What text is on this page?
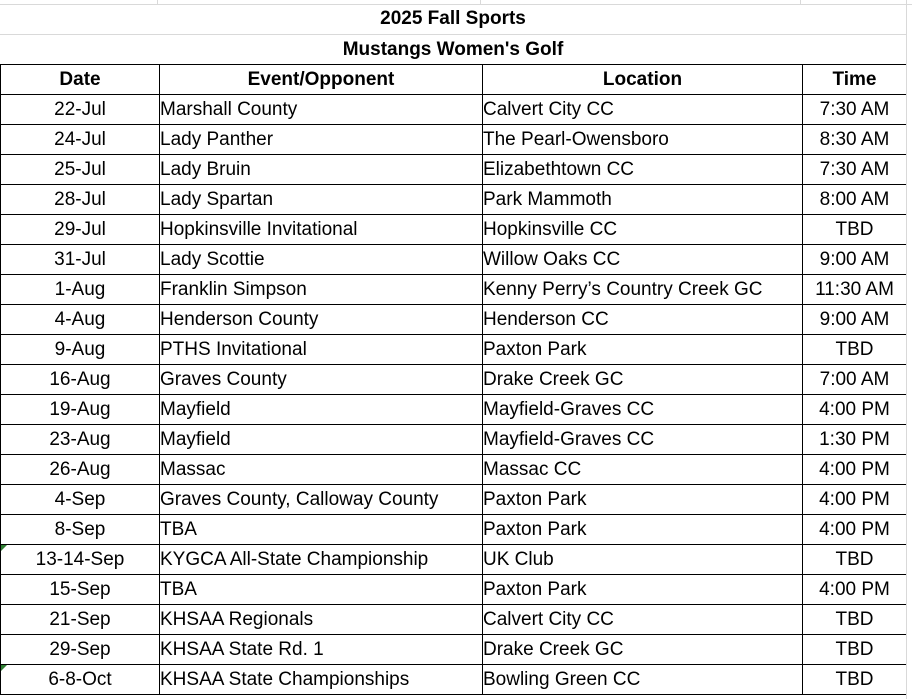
2025 Fall Sports
Mustangs Women's Golf
Date	Event/Opponent	Location	Time
22-Jul	Marshall County	Calvert City CC	7:30 AM
24-Jul	Lady Panther	The Pearl-Owensboro	8:30 AM
25-Jul	Lady Bruin	Elizabethtown CC	7:30 AM
28-Jul	Lady Spartan	Park Mammoth	8:00 AM
29-Jul	Hopkinsville Invitational	Hopkinsville CC	TBD
31-Jul	Lady Scottie	Willow Oaks CC	9:00 AM
1-Aug	Franklin Simpson	Kenny Perry’s Country Creek GC	11:30 AM
4-Aug	Henderson County	Henderson CC	9:00 AM
9-Aug	PTHS Invitational	Paxton Park	TBD
16-Aug	Graves County	Drake Creek GC	7:00 AM
19-Aug	Mayfield	Mayfield-Graves CC	4:00 PM
23-Aug	Mayfield	Mayfield-Graves CC	1:30 PM
26-Aug	Massac	Massac CC	4:00 PM
4-Sep	Graves County, Calloway County	Paxton Park	4:00 PM
8-Sep	TBA	Paxton Park	4:00 PM
13-14-Sep	KYGCA All-State Championship	UK Club	TBD
15-Sep	TBA	Paxton Park	4:00 PM
21-Sep	KHSAA Regionals	Calvert City CC	TBD
29-Sep	KHSAA State Rd. 1	Drake Creek GC	TBD
6-8-Oct	KHSAA State Championships	Bowling Green CC	TBD
